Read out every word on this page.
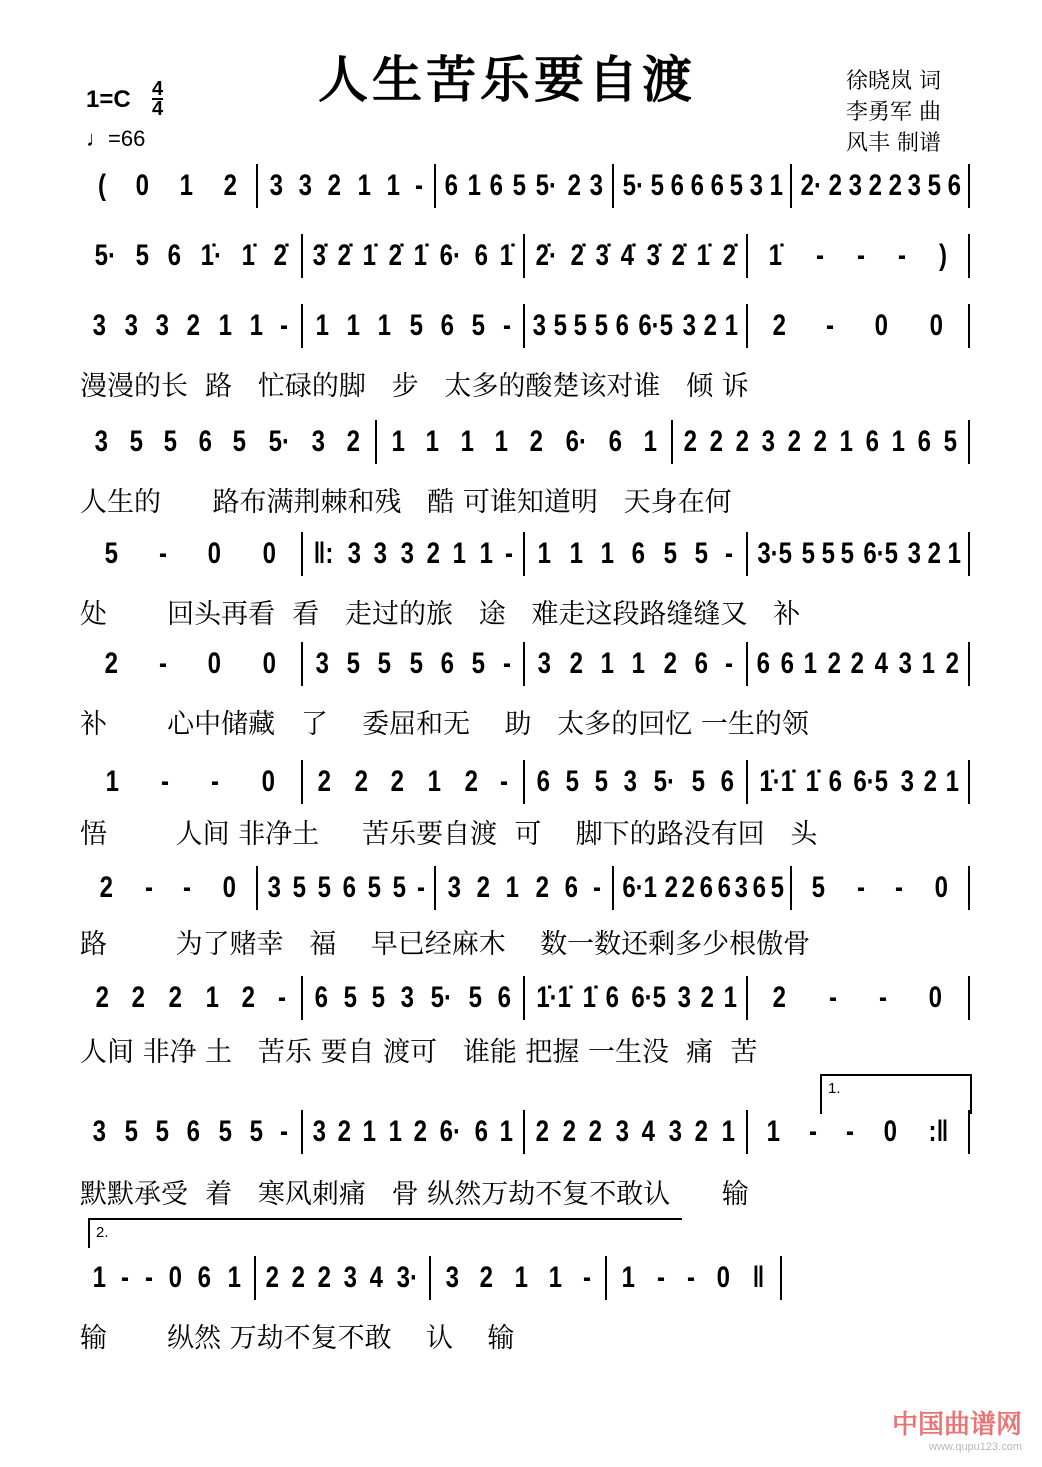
人生苦乐要自渡	徐晓岚 词
李勇军 曲
风丰 制谱
$1=C \frac{4}{4}$
♩=66
( 0 1 2 3 3 2 1 1 - 6 1 6 5 5· 2 3 5· 5 6 6 6 5 3 1 2· 2 3 2 2 3 5 6
5· 5 6 1̇· 1̇ 2̇ 3̇ 2̇ 1̇ 2̇ 1̇ 6· 6 1̇ 2̇· 2̇ 3̇ 4̇ 3̇ 2̇ 1̇ 2̇ 1̇ - - - )
3 3 3 2 1 1 - 1 1 1 5 6 5 - 3 5 5 5 6 6·5 3 2 1 2 - 0 0
漫漫的长  路   忙碌的脚   步   太多的酸楚该对谁   倾 诉
3 5 5 6 5 5· 3 2 1 1 1 1 2 6· 6 1 2 2 2 3 2 2 1 6 1 6 5
人生的      路布满荆棘和残   酷 可谁知道明   天身在何
5 - 0 0 ‖: 3 3 3 2 1 1 - 1 1 1 6 5 5 - 3·5 5 5 5 6·5 3 2 1
处       回头再看  看   走过的旅   途   难走这段路缝缝又   补
2 - 0 0 3 5 5 5 6 5 - 3 2 1 1 2 6 - 6 6 1 2 2 4 3 1 2
补       心中储藏   了    委屈和无    助   太多的回忆 一生的领
1 - - 0 2 2 2 1 2 - 6 5 5 3 5· 5 6 1̇·1̇ 1̇ 6 6·5 3 2 1
悟        人间 非净土     苦乐要自渡  可    脚下的路没有回   头
2 - - 0 3 5 5 6 5 5 - 3 2 1 2 6 - 6·1 2 2 6 6 3 6 5 5 - - 0
路        为了赌幸   福    早已经麻木    数一数还剩多少根傲骨
2 2 2 1 2 - 6 5 5 3 5· 5 6 1̇·1̇ 1̇ 6 6·5 3 2 1 2 - - 0
人间 非净 土   苦乐 要自 渡可   谁能 把握 一生没  痛  苦
3 5 5 6 5 5 - 3 2 1 1 2 6· 6 1 2 2 2 3 4 3 2 1 1 - - 0 :‖
默默承受  着   寒风刺痛   骨 纵然万劫不复不敢认      输
1 - - 0 6 1 2 2 2 3 4 3· 3 2 1 1 - 1 - - 0 ‖
输       纵然 万劫不复不敢    认    输
1.
2.
中国曲谱网
www.qupu123.com
